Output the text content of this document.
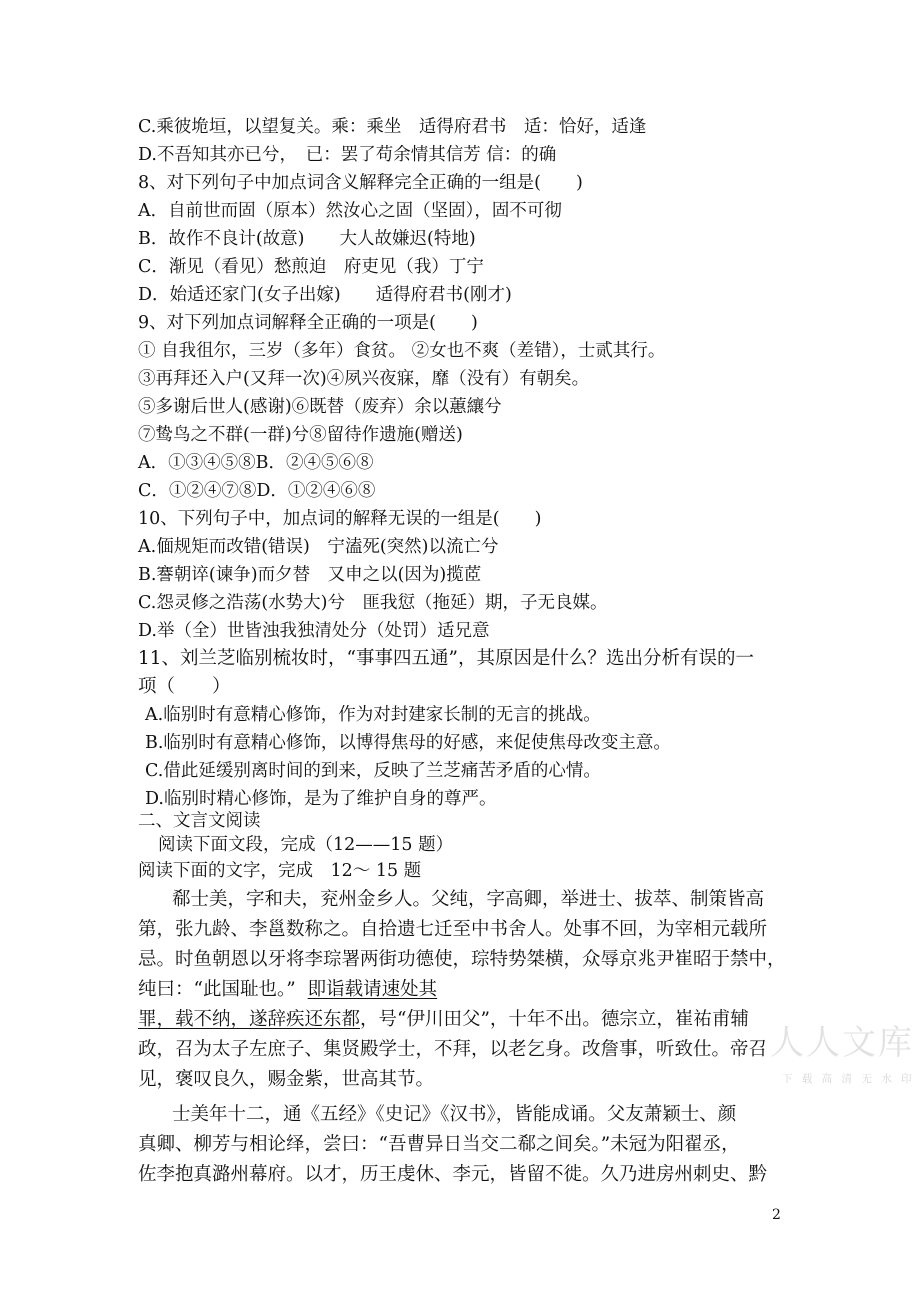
C.乘彼垝垣，以望复关。乘：乘坐　适得府君书　适：恰好，适逢
D.不吾知其亦已兮，　已：罢了苟余情其信芳 信：的确
8、对下列句子中加点词含义解释完全正确的一组是(　　)
A．自前世而固（原本）然汝心之固（坚固），固不可彻
B．故作不良计(故意)　　大人故嫌迟(特地)
C．渐见（看见）愁煎迫　府吏见（我）丁宁
D．始适还家门(女子出嫁)　　适得府君书(刚才)
9、对下列加点词解释全正确的一项是(　　)
① 自我徂尔，三岁（多年）食贫。 ②女也不爽（差错），士贰其行。
③再拜还入户(又拜一次)④夙兴夜寐，靡（没有）有朝矣。
⑤多谢后世人(感谢)⑥既替（废弃）余以蕙纕兮
⑦鸷鸟之不群(一群)兮⑧留待作遗施(赠送)
A．①③④⑤⑧B．②④⑤⑥⑧
C．①②④⑦⑧D．①②④⑥⑧
10、下列句子中，加点词的解释无误的一组是(　　)
A.偭规矩而改错(错误)　宁溘死(突然)以流亡兮
B.謇朝谇(谏争)而夕替　又申之以(因为)揽茝
C.怨灵修之浩荡(水势大)兮　匪我愆（拖延）期，子无良媒。
D.举（全）世皆浊我独清处分（处罚）适兄意
11、刘兰芝临别梳妆时，“事事四五通”，其原因是什么？选出分析有误的一
项（　　）
A.临别时有意精心修饰，作为对封建家长制的无言的挑战。
B.临别时有意精心修饰，以博得焦母的好感，来促使焦母改变主意。
C.借此延缓别离时间的到来，反映了兰芝痛苦矛盾的心情。
D.临别时精心修饰，是为了维护自身的尊严。
二、文言文阅读
阅读下面文段，完成（12——15 题）
阅读下面的文字，完成　12～ 15 题
郗士美，字和夫，兖州金乡人。父纯，字高卿，举进士、拔萃、制策皆高
第，张九龄、李邕数称之。自拾遗七迁至中书舍人。处事不回，为宰相元载所
忌。时鱼朝恩以牙将李琮署两街功德使，琮特势桀横，众辱京兆尹崔昭于禁中，
纯曰：“此国耻也。” 即诣载请速处其
罪，载不纳，遂辞疾还东都，号“伊川田父”，十年不出。德宗立，崔祐甫辅
政，召为太子左庶子、集贤殿学士，不拜，以老乞身。改詹事，听致仕。帝召
见，褒叹良久，赐金紫，世高其节。
士美年十二，通《五经》《史记》《汉书》，皆能成诵。父友萧颖士、颜
真卿、柳芳与相论绎，尝曰：“吾曹异日当交二郗之间矣。”未冠为阳翟丞，
佐李抱真潞州幕府。以才，历王虔休、李元，皆留不徙。久乃进房州刺史、黔
人人文库
下 载 高 清 无 水 印
2
